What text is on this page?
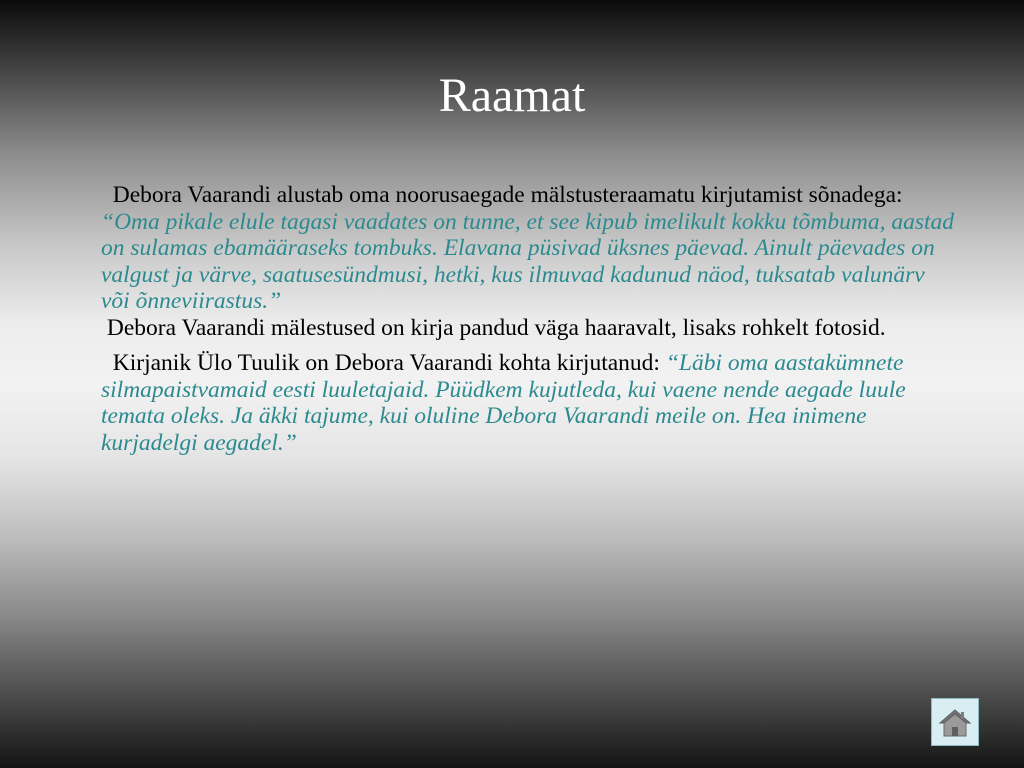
Raamat

Debora Vaarandi alustab oma noorusaegade mälstusteraamatu kirjutamist sõnadega: “Oma pikale elule tagasi vaadates on tunne, et see kipub imelikult kokku tõmbuma, aastad on sulamas ebamääraseks tombuks. Elavana püsivad üksnes päevad. Ainult päevades on valgust ja värve, saatusesündmusi, hetki, kus ilmuvad kadunud näod, tuksatab valunärv või õnneviirastus.”
Debora Vaarandi mälestused on kirja pandud väga haaravalt, lisaks rohkelt fotosid.

Kirjanik Ülo Tuulik on Debora Vaarandi kohta kirjutanud: “Läbi oma aastakümnete silmapaistvamaid eesti luuletajaid. Püüdkem kujutleda, kui vaene nende aegade luule temata oleks. Ja äkki tajume, kui oluline Debora Vaarandi meile on. Hea inimene kurjadelgi aegadel.”
